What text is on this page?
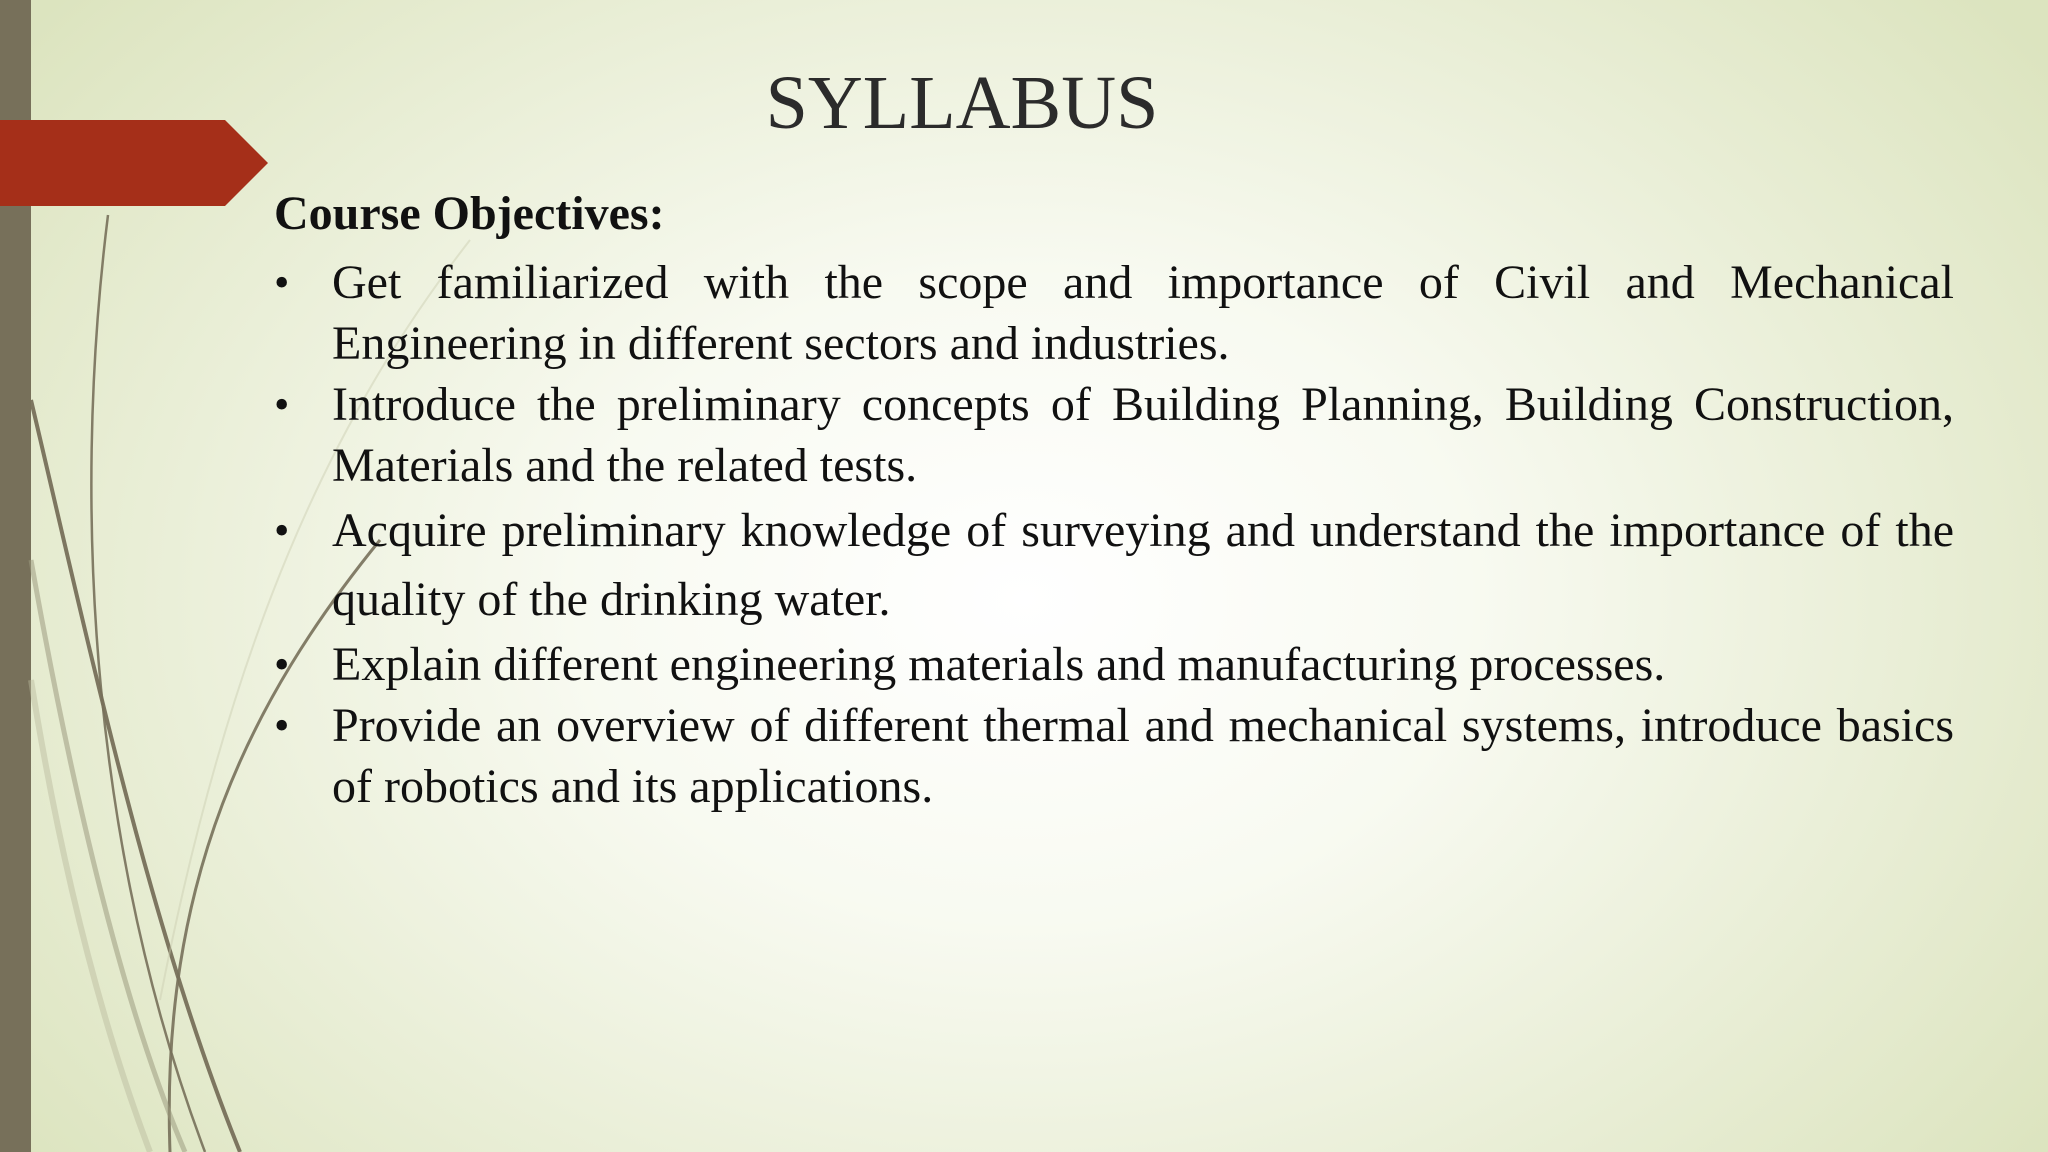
SYLLABUS
Course Objectives:
• Get familiarized with the scope and importance of Civil and Mechanical Engineering in different sectors and industries.
• Introduce the preliminary concepts of Building Planning, Building Construction, Materials and the related tests.
• Acquire preliminary knowledge of surveying and understand the importance of the quality of the drinking water.
• Explain different engineering materials and manufacturing processes.
• Provide an overview of different thermal and mechanical systems, introduce basics of robotics and its applications.
